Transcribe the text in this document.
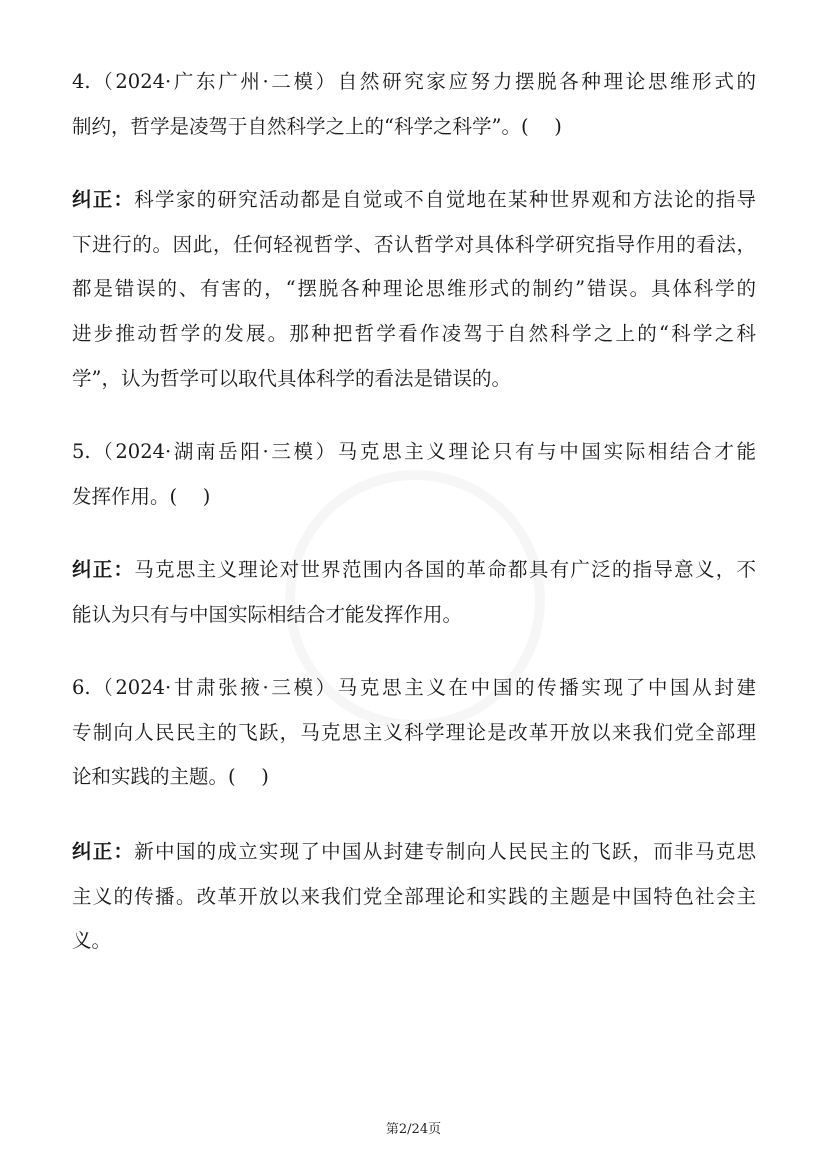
4.（2024·广东广州·二模）自然研究家应努力摆脱各种理论思维形式的
制约，哲学是凌驾于自然科学之上的“科学之科学”。(　 )
纠正：科学家的研究活动都是自觉或不自觉地在某种世界观和方法论的指导
下进行的。因此，任何轻视哲学、否认哲学对具体科学研究指导作用的看法，
都是错误的、有害的，“摆脱各种理论思维形式的制约”错误。具体科学的
进步推动哲学的发展。那种把哲学看作凌驾于自然科学之上的“科学之科
学”，认为哲学可以取代具体科学的看法是错误的。
5.（2024·湖南岳阳·三模）马克思主义理论只有与中国实际相结合才能
发挥作用。(　 )
纠正：马克思主义理论对世界范围内各国的革命都具有广泛的指导意义，不
能认为只有与中国实际相结合才能发挥作用。
6.（2024·甘肃张掖·三模）马克思主义在中国的传播实现了中国从封建
专制向人民民主的飞跃，马克思主义科学理论是改革开放以来我们党全部理
论和实践的主题。(　 )
纠正：新中国的成立实现了中国从封建专制向人民民主的飞跃，而非马克思
主义的传播。改革开放以来我们党全部理论和实践的主题是中国特色社会主
义。
第2/24页
